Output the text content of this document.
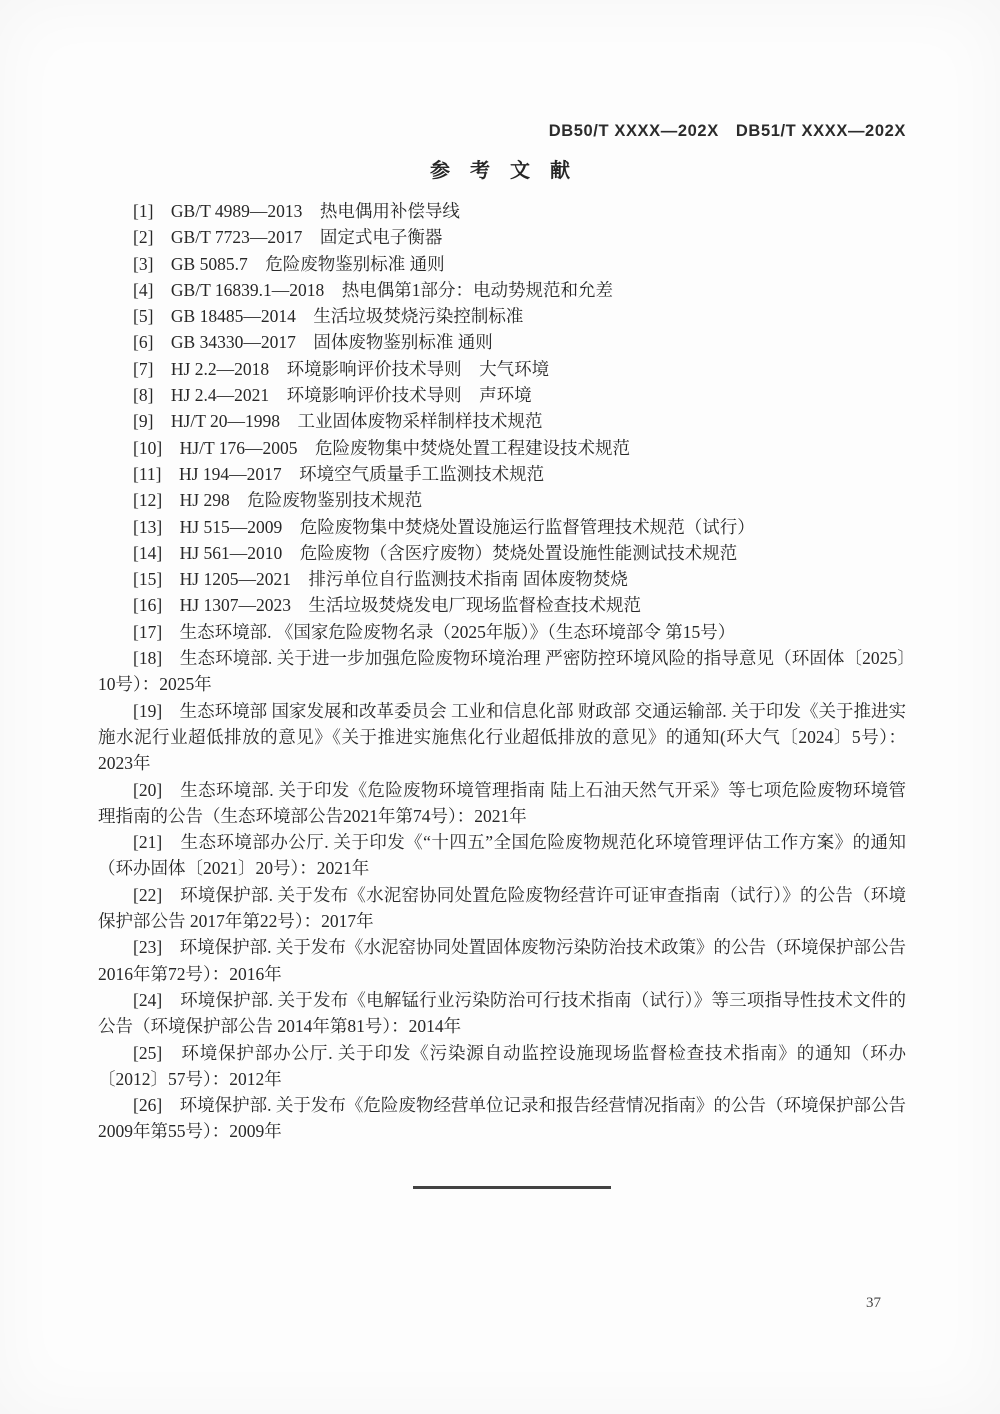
DB50/T XXXX—202X　DB51/T XXXX—202X
参　考　文　献

[1]　GB/T 4989—2013　热电偶用补偿导线

[2]　GB/T 7723—2017　固定式电子衡器

[3]　GB 5085.7　危险废物鉴别标准 通则

[4]　GB/T 16839.1—2018　热电偶第1部分：电动势规范和允差

[5]　GB 18485—2014　生活垃圾焚烧污染控制标准

[6]　GB 34330—2017　固体废物鉴别标准 通则

[7]　HJ 2.2—2018　环境影响评价技术导则　大气环境

[8]　HJ 2.4—2021　环境影响评价技术导则　声环境

[9]　HJ/T 20—1998　工业固体废物采样制样技术规范

[10]　HJ/T 176—2005　危险废物集中焚烧处置工程建设技术规范

[11]　HJ 194—2017　环境空气质量手工监测技术规范

[12]　HJ 298　危险废物鉴别技术规范

[13]　HJ 515—2009　危险废物集中焚烧处置设施运行监督管理技术规范（试行）

[14]　HJ 561—2010　危险废物（含医疗废物）焚烧处置设施性能测试技术规范

[15]　HJ 1205—2021　排污单位自行监测技术指南 固体废物焚烧

[16]　HJ 1307—2023　生活垃圾焚烧发电厂现场监督检查技术规范

[17]　生态环境部. 《国家危险废物名录（2025年版）》（生态环境部令 第15号）

[18]　生态环境部. 关于进一步加强危险废物环境治理 严密防控环境风险的指导意见（环固体〔2025〕10号）：2025年

[19]　生态环境部 国家发展和改革委员会 工业和信息化部 财政部 交通运输部. 关于印发《关于推进实施水泥行业超低排放的意见》《关于推进实施焦化行业超低排放的意见》的通知(环大气〔2024〕5号）：2023年

[20]　生态环境部. 关于印发《危险废物环境管理指南 陆上石油天然气开采》等七项危险废物环境管理指南的公告（生态环境部公告2021年第74号）：2021年

[21]　生态环境部办公厅. 关于印发《“十四五”全国危险废物规范化环境管理评估工作方案》的通知（环办固体〔2021〕20号）：2021年

[22]　环境保护部. 关于发布《水泥窑协同处置危险废物经营许可证审查指南（试行）》的公告（环境保护部公告 2017年第22号）：2017年

[23]　环境保护部. 关于发布《水泥窑协同处置固体废物污染防治技术政策》的公告（环境保护部公告 2016年第72号）：2016年

[24]　环境保护部. 关于发布《电解锰行业污染防治可行技术指南（试行）》等三项指导性技术文件的公告（环境保护部公告 2014年第81号）：2014年

[25]　环境保护部办公厅. 关于印发《污染源自动监控设施现场监督检查技术指南》的通知（环办〔2012〕57号）：2012年

[26]　环境保护部. 关于发布《危险废物经营单位记录和报告经营情况指南》的公告（环境保护部公告 2009年第55号）：2009年

37
